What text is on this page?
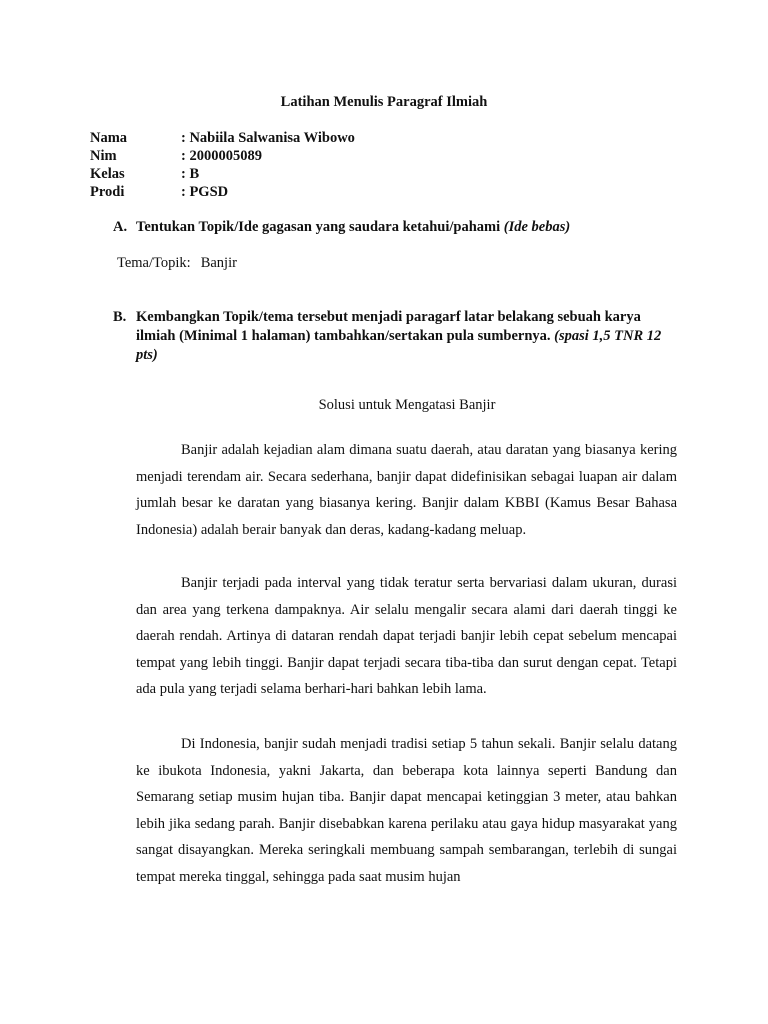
Latihan Menulis Paragraf Ilmiah
Nama	: Nabiila Salwanisa Wibowo
Nim	: 2000005089
Kelas	: B
Prodi	: PGSD
A. Tentukan Topik/Ide gagasan yang saudara ketahui/pahami (Ide bebas)
Tema/Topik: Banjir
B. Kembangkan Topik/tema tersebut menjadi paragarf latar belakang sebuah karya ilmiah (Minimal 1 halaman) tambahkan/sertakan pula sumbernya. (spasi 1,5 TNR 12 pts)
Solusi untuk Mengatasi Banjir

Banjir adalah kejadian alam dimana suatu daerah, atau daratan yang biasanya kering menjadi terendam air. Secara sederhana, banjir dapat didefinisikan sebagai luapan air dalam jumlah besar ke daratan yang biasanya kering. Banjir dalam KBBI (Kamus Besar Bahasa Indonesia) adalah berair banyak dan deras, kadang-kadang meluap.

Banjir terjadi pada interval yang tidak teratur serta bervariasi dalam ukuran, durasi dan area yang terkena dampaknya. Air selalu mengalir secara alami dari daerah tinggi ke daerah rendah. Artinya di dataran rendah dapat terjadi banjir lebih cepat sebelum mencapai tempat yang lebih tinggi. Banjir dapat terjadi secara tiba-tiba dan surut dengan cepat. Tetapi ada pula yang terjadi selama berhari-hari bahkan lebih lama.

Di Indonesia, banjir sudah menjadi tradisi setiap 5 tahun sekali. Banjir selalu datang ke ibukota Indonesia, yakni Jakarta, dan beberapa kota lainnya seperti Bandung dan Semarang setiap musim hujan tiba. Banjir dapat mencapai ketinggian 3 meter, atau bahkan lebih jika sedang parah. Banjir disebabkan karena perilaku atau gaya hidup masyarakat yang sangat disayangkan. Mereka seringkali membuang sampah sembarangan, terlebih di sungai tempat mereka tinggal, sehingga pada saat musim hujan
